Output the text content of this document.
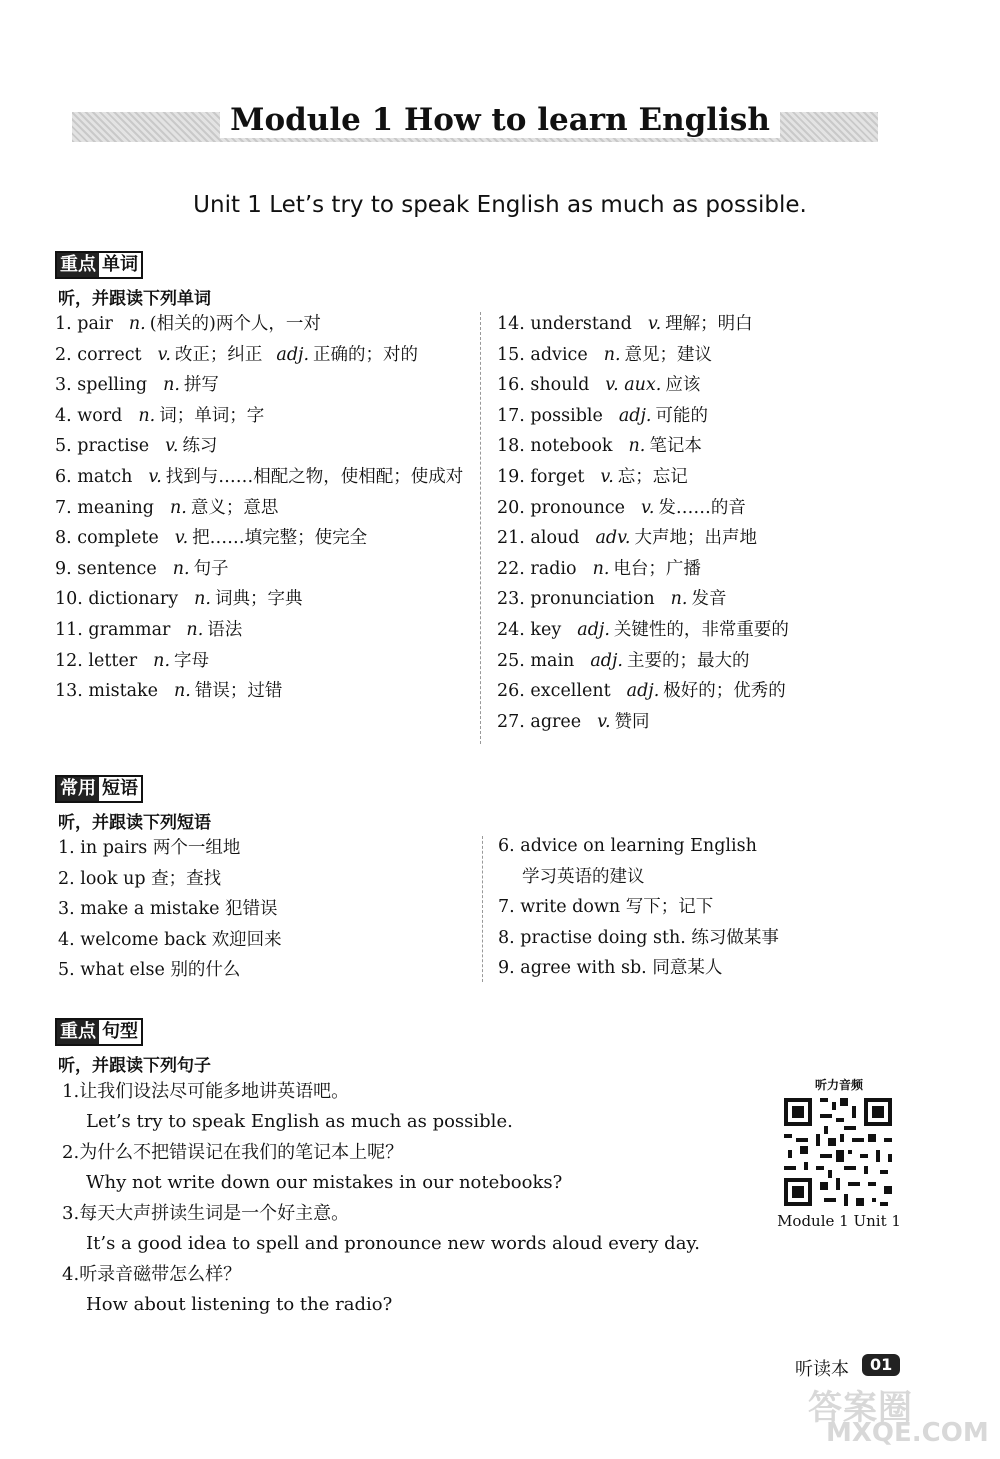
Module 1 How to learn English
Unit 1 Let’s try to speak English as much as possible.
重点 单词
听，并跟读下列单词
1. pair n. (相关的)两个人，一对
2. correct v. 改正；纠正 adj. 正确的；对的
3. spelling n. 拼写
4. word n. 词；单词；字
5. practise v. 练习
6. match v. 找到与……相配之物，使相配；使成对
7. meaning n. 意义；意思
8. complete v. 把……填完整；使完全
9. sentence n. 句子
10. dictionary n. 词典；字典
11. grammar n. 语法
12. letter n. 字母
13. mistake n. 错误；过错
14. understand v. 理解；明白
15. advice n. 意见；建议
16. should v. aux. 应该
17. possible adj. 可能的
18. notebook n. 笔记本
19. forget v. 忘；忘记
20. pronounce v. 发……的音
21. aloud adv. 大声地；出声地
22. radio n. 电台；广播
23. pronunciation n. 发音
24. key adj. 关键性的，非常重要的
25. main adj. 主要的；最大的
26. excellent adj. 极好的；优秀的
27. agree v. 赞同
常用 短语
听，并跟读下列短语
1. in pairs 两个一组地
2. look up 查；查找
3. make a mistake 犯错误
4. welcome back 欢迎回来
5. what else 别的什么
6. advice on learning English
学习英语的建议
7. write down 写下；记下
8. practise doing sth. 练习做某事
9. agree with sb. 同意某人
重点 句型
听，并跟读下列句子
1.让我们设法尽可能多地讲英语吧。
Let’s try to speak English as much as possible.
2.为什么不把错误记在我们的笔记本上呢？
Why not write down our mistakes in our notebooks?
3.每天大声拼读生词是一个好主意。
It’s a good idea to spell and pronounce new words aloud every day.
4.听录音磁带怎么样？
How about listening to the radio?
听力音频
Module 1 Unit 1
听读本	01
答案圈
MXQE.COM
